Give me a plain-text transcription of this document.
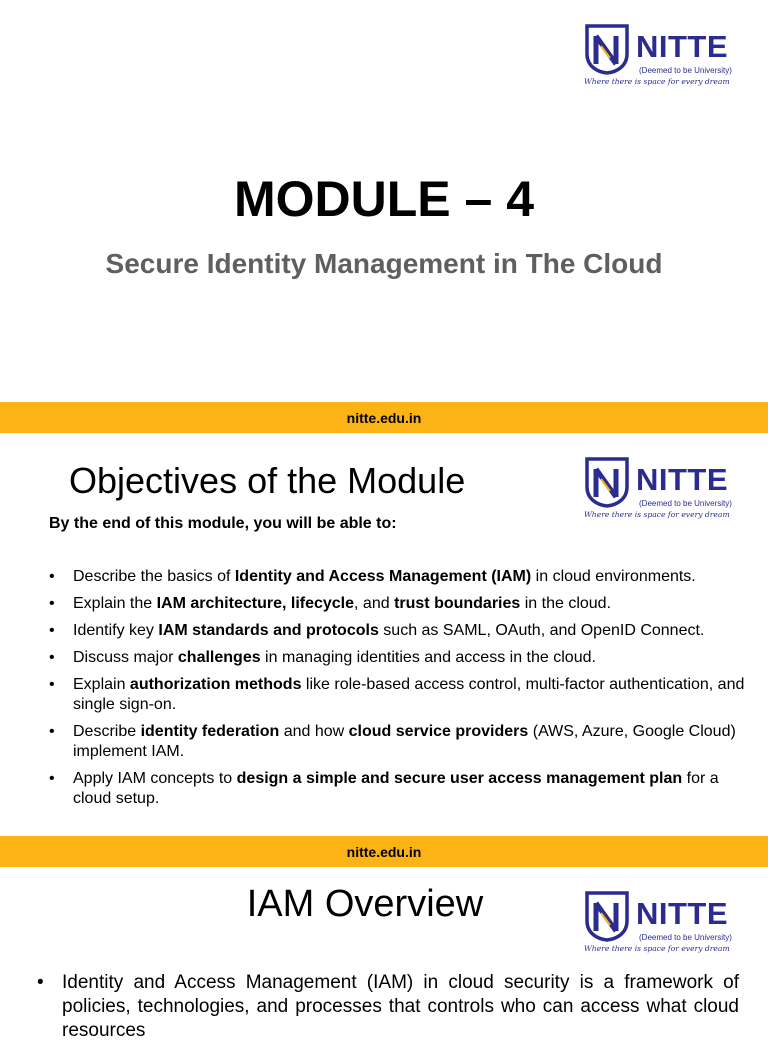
NITTE
(Deemed to be University)
Where there is space for every dream
MODULE – 4
Secure Identity Management in The Cloud
nitte.edu.in
NITTE
(Deemed to be University)
Where there is space for every dream
Objectives of the Module
By the end of this module, you will be able to:
• Describe the basics of Identity and Access Management (IAM) in cloud environments.
• Explain the IAM architecture, lifecycle, and trust boundaries in the cloud.
• Identify key IAM standards and protocols such as SAML, OAuth, and OpenID Connect.
• Discuss major challenges in managing identities and access in the cloud.
• Explain authorization methods like role-based access control, multi-factor authentication, and single sign-on.
• Describe identity federation and how cloud service providers (AWS, Azure, Google Cloud) implement IAM.
• Apply IAM concepts to design a simple and secure user access management plan for a cloud setup.
nitte.edu.in
NITTE
(Deemed to be University)
Where there is space for every dream
IAM Overview
• Identity and Access Management (IAM) in cloud security is a framework of policies, technologies, and processes that controls who can access what cloud resources
